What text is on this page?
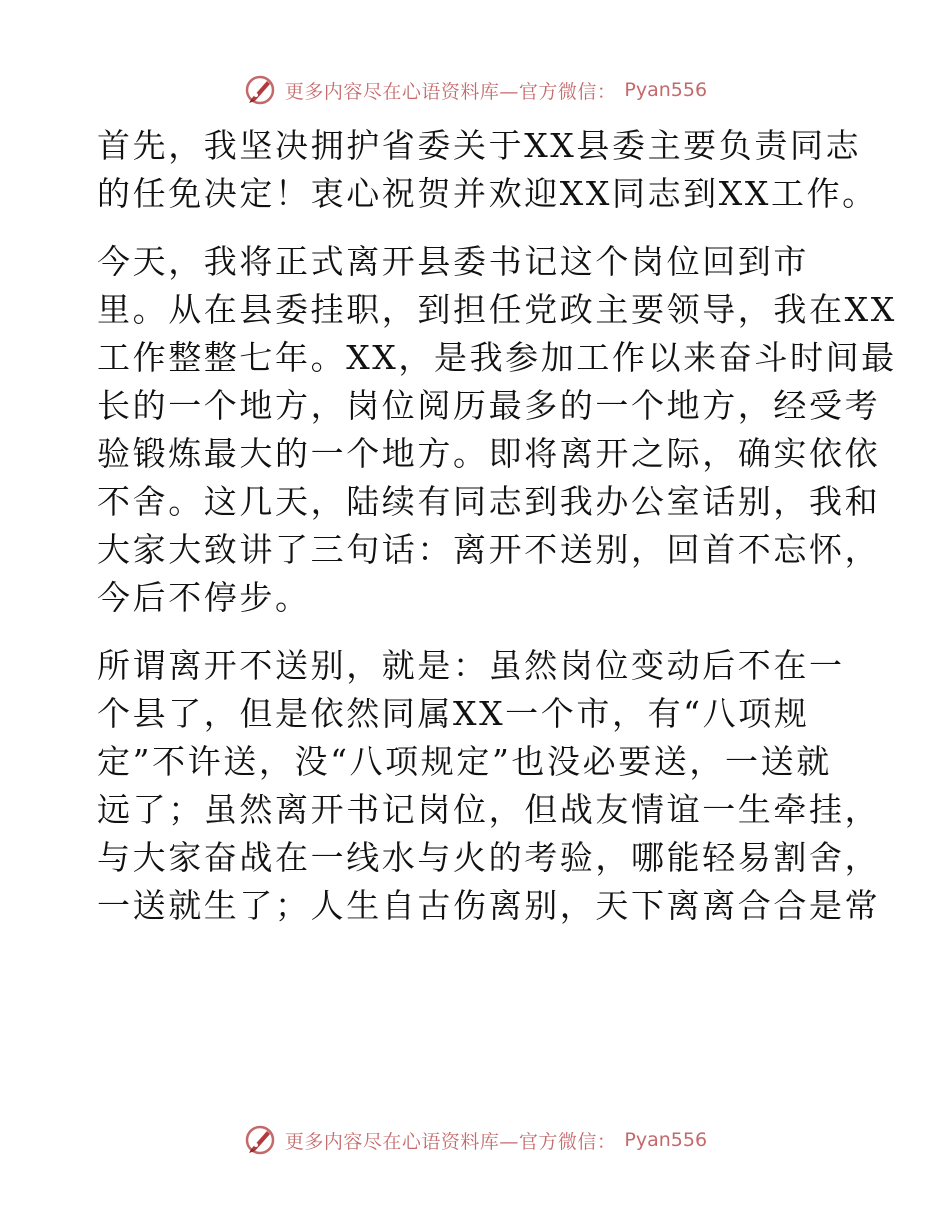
更多内容尽在心语资料库—官方微信： Pyan556
首先，我坚决拥护省委关于XX县委主要负责同志
的任免决定！衷心祝贺并欢迎XX同志到XX工作。
今天，我将正式离开县委书记这个岗位回到市
里。从在县委挂职，到担任党政主要领导，我在XX
工作整整七年。XX，是我参加工作以来奋斗时间最
长的一个地方，岗位阅历最多的一个地方，经受考
验锻炼最大的一个地方。即将离开之际，确实依依
不舍。这几天，陆续有同志到我办公室话别，我和
大家大致讲了三句话：离开不送别，回首不忘怀，
今后不停步。
所谓离开不送别，就是：虽然岗位变动后不在一
个县了，但是依然同属XX一个市，有“八项规
定”不许送，没“八项规定”也没必要送，一送就
远了；虽然离开书记岗位，但战友情谊一生牵挂，
与大家奋战在一线水与火的考验，哪能轻易割舍，
一送就生了；人生自古伤离别，天下离离合合是常
更多内容尽在心语资料库—官方微信： Pyan556
